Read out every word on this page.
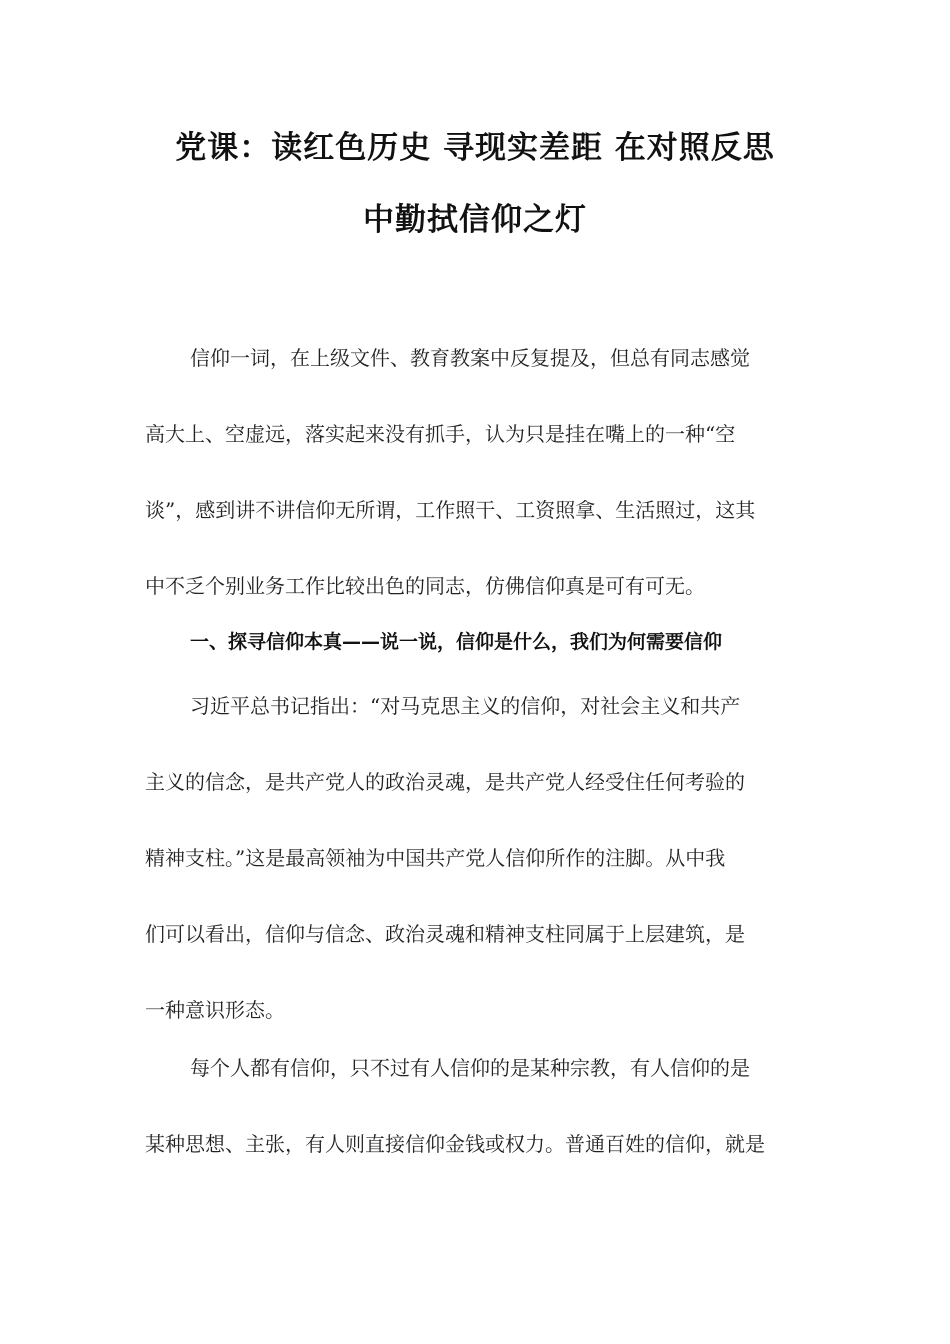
党课：读红色历史 寻现实差距 在对照反思
中勤拭信仰之灯
信仰一词，在上级文件、教育教案中反复提及，但总有同志感觉
高大上、空虚远，落实起来没有抓手，认为只是挂在嘴上的一种“空
谈”，感到讲不讲信仰无所谓，工作照干、工资照拿、生活照过，这其
中不乏个别业务工作比较出色的同志，仿佛信仰真是可有可无。
一、探寻信仰本真——说一说，信仰是什么，我们为何需要信仰
习近平总书记指出：“对马克思主义的信仰，对社会主义和共产
主义的信念，是共产党人的政治灵魂，是共产党人经受住任何考验的
精神支柱。”这是最高领袖为中国共产党人信仰所作的注脚。从中我
们可以看出，信仰与信念、政治灵魂和精神支柱同属于上层建筑，是
一种意识形态。
每个人都有信仰，只不过有人信仰的是某种宗教，有人信仰的是
某种思想、主张，有人则直接信仰金钱或权力。普通百姓的信仰，就是
